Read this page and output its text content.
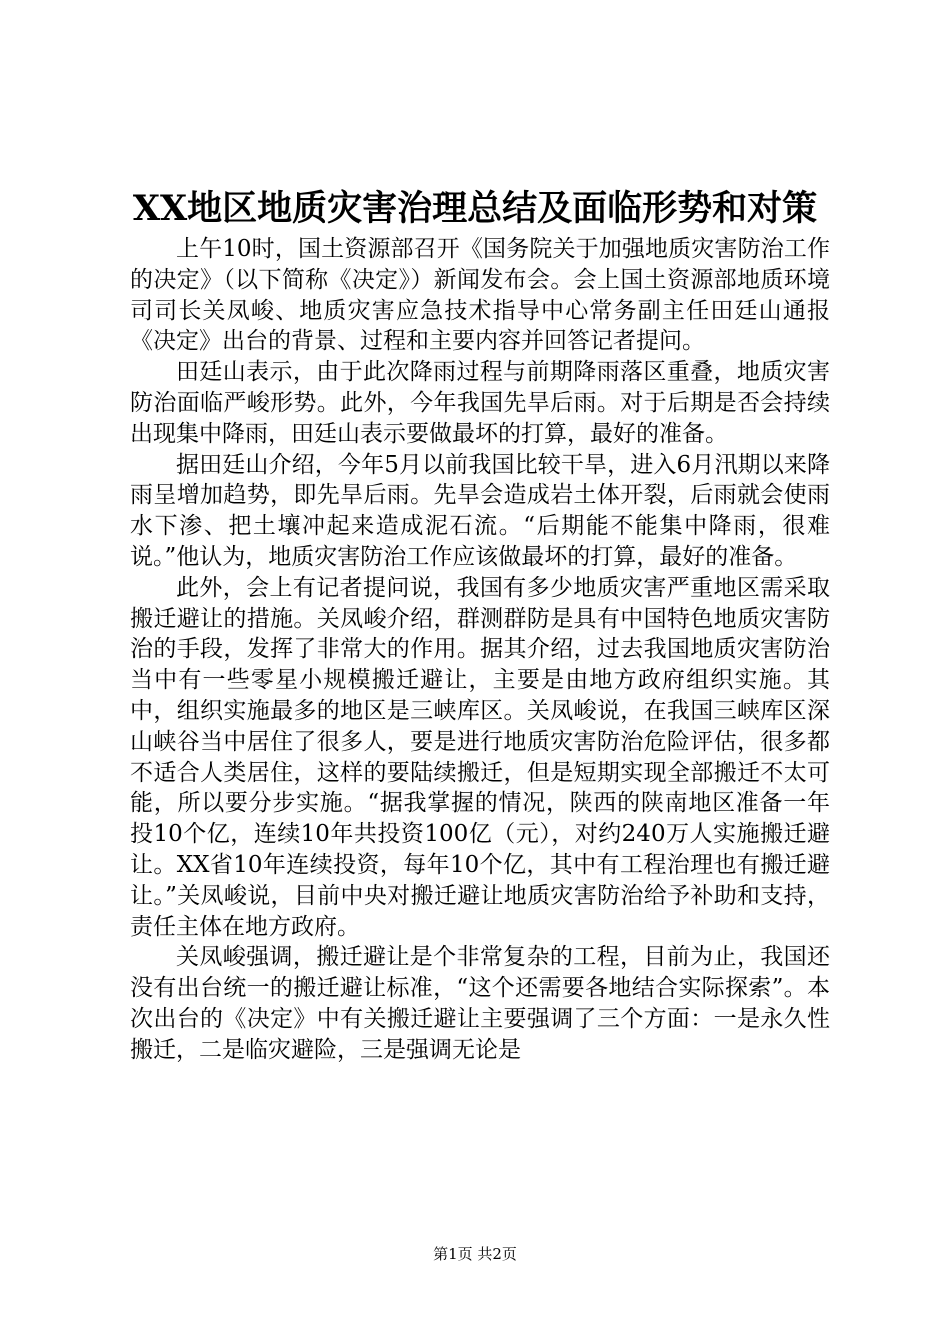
XX地区地质灾害治理总结及面临形势和对策

上午10时，国土资源部召开《国务院关于加强地质灾害防治工作的决定》（以下简称《决定》）新闻发布会。会上国土资源部地质环境司司长关凤峻、地质灾害应急技术指导中心常务副主任田廷山通报《决定》出台的背景、过程和主要内容并回答记者提问。

田廷山表示，由于此次降雨过程与前期降雨落区重叠，地质灾害防治面临严峻形势。此外，今年我国先旱后雨。对于后期是否会持续出现集中降雨，田廷山表示要做最坏的打算，最好的准备。

据田廷山介绍，今年5月以前我国比较干旱，进入6月汛期以来降雨呈增加趋势，即先旱后雨。先旱会造成岩土体开裂，后雨就会使雨水下渗、把土壤冲起来造成泥石流。“后期能不能集中降雨，很难说。”他认为，地质灾害防治工作应该做最坏的打算，最好的准备。

此外，会上有记者提问说，我国有多少地质灾害严重地区需采取搬迁避让的措施。关凤峻介绍，群测群防是具有中国特色地质灾害防治的手段，发挥了非常大的作用。据其介绍，过去我国地质灾害防治当中有一些零星小规模搬迁避让，主要是由地方政府组织实施。其中，组织实施最多的地区是三峡库区。关凤峻说，在我国三峡库区深山峡谷当中居住了很多人，要是进行地质灾害防治危险评估，很多都不适合人类居住，这样的要陆续搬迁，但是短期实现全部搬迁不太可能，所以要分步实施。“据我掌握的情况，陕西的陕南地区准备一年投10个亿，连续10年共投资100亿（元），对约240万人实施搬迁避让。XX省10年连续投资，每年10个亿，其中有工程治理也有搬迁避让。”关凤峻说，目前中央对搬迁避让地质灾害防治给予补助和支持，责任主体在地方政府。

关凤峻强调，搬迁避让是个非常复杂的工程，目前为止，我国还没有出台统一的搬迁避让标准，“这个还需要各地结合实际探索”。本次出台的《决定》中有关搬迁避让主要强调了三个方面：一是永久性搬迁，二是临灾避险，三是强调无论是

第1页 共2页
